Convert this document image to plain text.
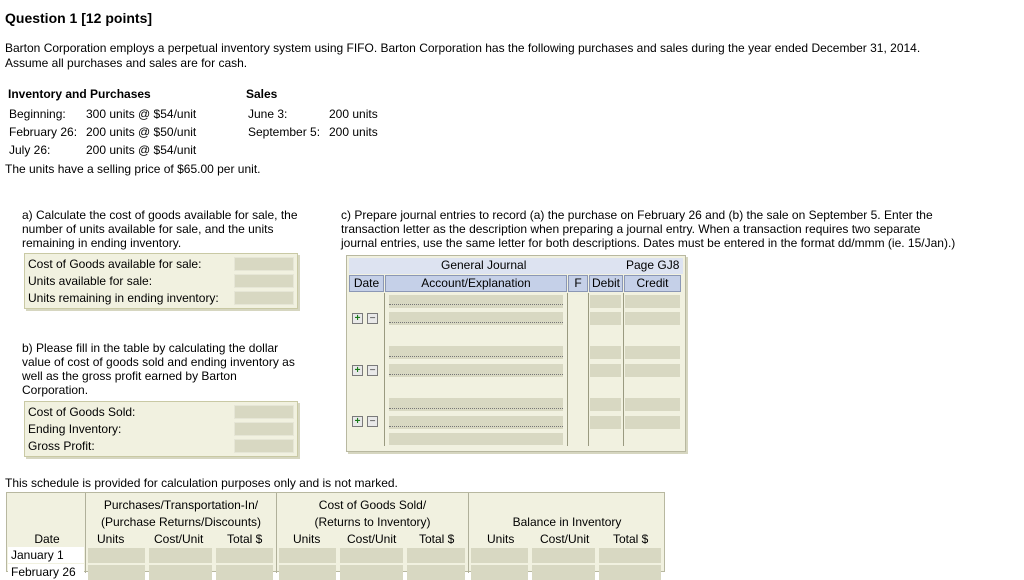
Question 1 [12 points]
Barton Corporation employs a perpetual inventory system using FIFO. Barton Corporation has the following purchases and sales during the year ended December 31, 2014.
Assume all purchases and sales are for cash.
Inventory and Purchases
Beginning: 300 units @ $54/unit
February 26: 200 units @ $50/unit
July 26:	200 units @ $54/unit
Sales
June 3:	200 units
September 5: 200 units
The units have a selling price of $65.00 per unit.
a) Calculate the cost of goods available for sale, the
number of units available for sale, and the units
remaining in ending inventory.
Cost of Goods available for sale:
Units available for sale:
Units remaining in ending inventory:
b) Please fill in the table by calculating the dollar
value of cost of goods sold and ending inventory as
well as the gross profit earned by Barton
Corporation.
Cost of Goods Sold:
Ending Inventory:
Gross Profit:
c) Prepare journal entries to record (a) the purchase on February 26 and (b) the sale on September 5. Enter the
transaction letter as the description when preparing a journal entry. When a transaction requires two separate
journal entries, use the same letter for both descriptions. Dates must be entered in the format dd/mmm (ie. 15/Jan).)
General Journal	Page GJ8
Date	Account/Explanation	F Debit	Credit
+ −
+ −
+ −
This schedule is provided for calculation purposes only and is not marked.
Purchases/Transportation-In/
(Purchase Returns/Discounts)
Cost of Goods Sold/
(Returns to Inventory)	Balance in Inventory
Date	Units Cost/Unit Total $	Units Cost/Unit Total $	Units Cost/Unit Total $
January 1
February 26
